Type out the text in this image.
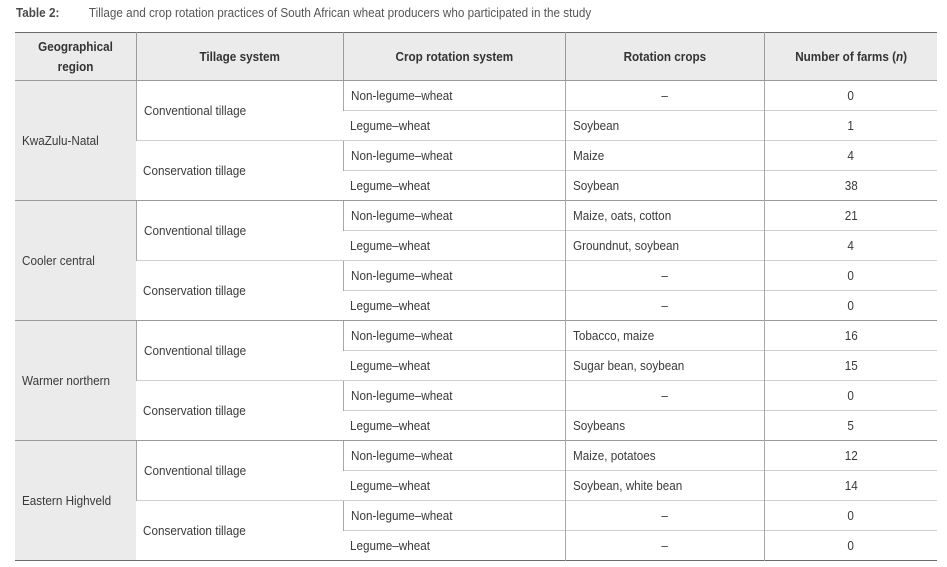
Table 2: Tillage and crop rotation practices of South African wheat producers who participated in the study
Geographical
region	Tillage system	Crop rotation system	Rotation crops	Number of farms (n)
KwaZulu-Natal	Conventional tillage	Non-legume–wheat	–	0
		Legume–wheat	Soybean	1
	Conservation tillage	Non-legume–wheat	Maize	4
		Legume–wheat	Soybean	38
Cooler central	Conventional tillage	Non-legume–wheat	Maize, oats, cotton	21
		Legume–wheat	Groundnut, soybean	4
	Conservation tillage	Non-legume–wheat	–	0
		Legume–wheat	–	0
Warmer northern	Conventional tillage	Non-legume–wheat	Tobacco, maize	16
		Legume–wheat	Sugar bean, soybean	15
	Conservation tillage	Non-legume–wheat	–	0
		Legume–wheat	Soybeans	5
Eastern Highveld	Conventional tillage	Non-legume–wheat	Maize, potatoes	12
		Legume–wheat	Soybean, white bean	14
	Conservation tillage	Non-legume–wheat	–	0
		Legume–wheat	–	0
